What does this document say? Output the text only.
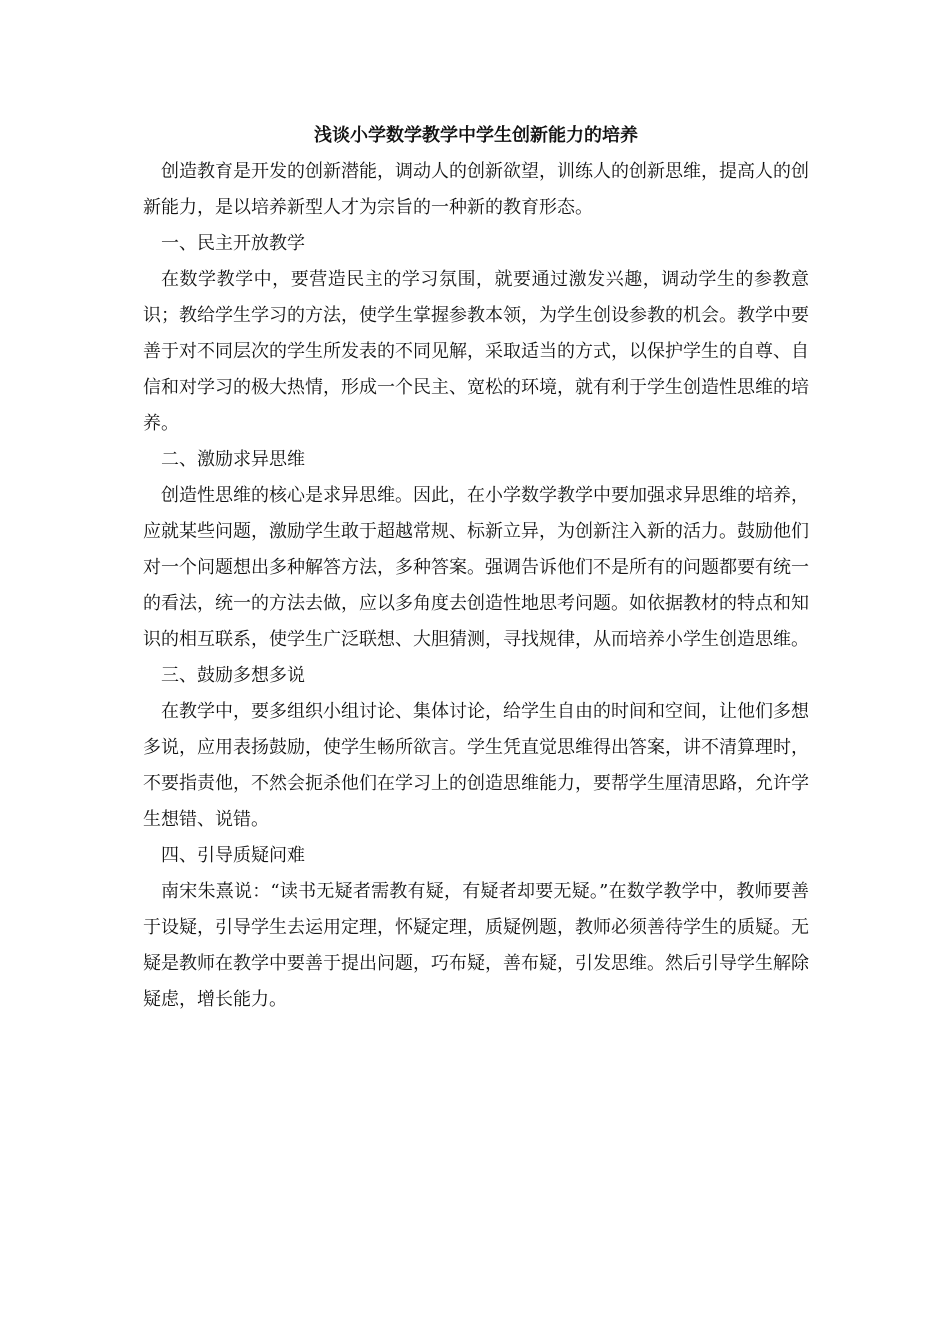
浅谈小学数学教学中学生创新能力的培养

创造教育是开发的创新潜能，调动人的创新欲望，训练人的创新思维，提高人的创新能力，是以培养新型人才为宗旨的一种新的教育形态。

一、民主开放教学

在数学教学中，要营造民主的学习氛围，就要通过激发兴趣，调动学生的参教意识；教给学生学习的方法，使学生掌握参教本领，为学生创设参教的机会。教学中要善于对不同层次的学生所发表的不同见解，采取适当的方式，以保护学生的自尊、自信和对学习的极大热情，形成一个民主、宽松的环境，就有利于学生创造性思维的培养。

二、激励求异思维

创造性思维的核心是求异思维。因此，在小学数学教学中要加强求异思维的培养，应就某些问题，激励学生敢于超越常规、标新立异，为创新注入新的活力。鼓励他们对一个问题想出多种解答方法，多种答案。强调告诉他们不是所有的问题都要有统一的看法，统一的方法去做，应以多角度去创造性地思考问题。如依据教材的特点和知识的相互联系，使学生广泛联想、大胆猜测，寻找规律，从而培养小学生创造思维。

三、鼓励多想多说

在教学中，要多组织小组讨论、集体讨论，给学生自由的时间和空间，让他们多想多说，应用表扬鼓励，使学生畅所欲言。学生凭直觉思维得出答案，讲不清算理时，不要指责他，不然会扼杀他们在学习上的创造思维能力，要帮学生厘清思路，允许学生想错、说错。

四、引导质疑问难

南宋朱熹说：“读书无疑者需教有疑，有疑者却要无疑。”在数学教学中，教师要善于设疑，引导学生去运用定理，怀疑定理，质疑例题，教师必须善待学生的质疑。无疑是教师在教学中要善于提出问题，巧布疑，善布疑，引发思维。然后引导学生解除疑虑，增长能力。
